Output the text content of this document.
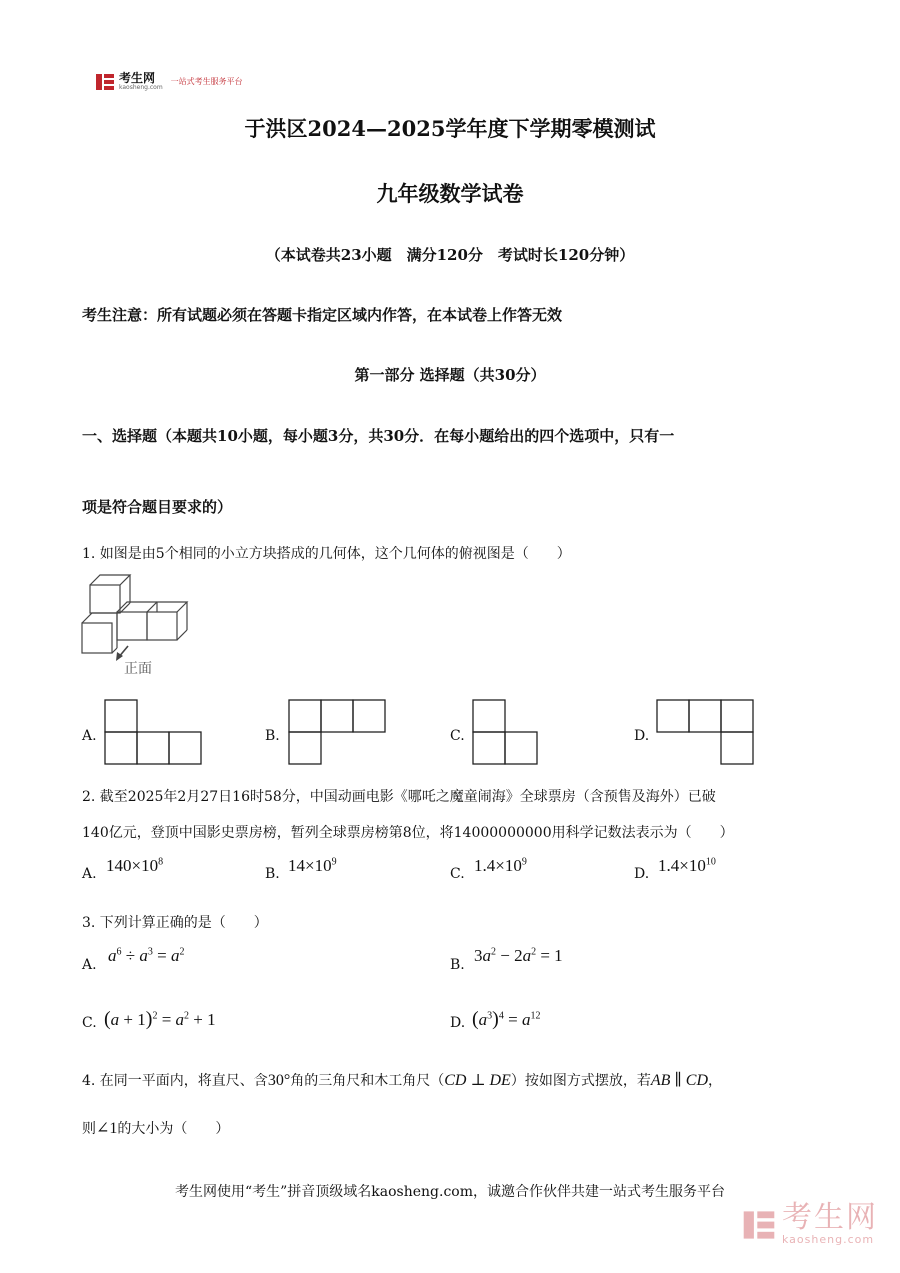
考生网
kaosheng.com
一站式考生服务平台
于洪区2024—2025学年度下学期零模测试
九年级数学试卷
（本试卷共23小题　满分120分　考试时长120分钟）
考生注意：所有试题必须在答题卡指定区域内作答，在本试卷上作答无效
第一部分 选择题（共30分）
一、选择题（本题共10小题，每小题3分，共30分．在每小题给出的四个选项中，只有一
项是符合题目要求的）
1. 如图是由5个相同的小立方块搭成的几何体，这个几何体的俯视图是（　　）
正面
A.	B.	C.	D.
2. 截至2025年2月27日16时58分，中国动画电影《哪吒之魔童闹海》全球票房（含预售及海外）已破
140亿元，登顶中国影史票房榜，暂列全球票房榜第8位，将14000000000用科学记数法表示为（　　）
A. $140\times 10^8$
B. $14\times 10^9$
C. $1.4\times 10^9$
D. $1.4\times 10^{10}$
3. 下列计算正确的是（　　）
A. $a^6 \div a^3 = a^2$
B. $3a^2 - 2a^2 = 1$
C. $(a + 1)^2 = a^2 + 1$	D. $(a^3)^4 = a^{12}$
4. 在同一平面内，将直尺、含30°角的三角尺和木工角尺（CD ⊥ DE）按如图方式摆放，若AB ∥ CD，
则∠1的大小为（　　）
考生网使用“考生”拼音顶级域名kaosheng.com，诚邀合作伙伴共建一站式考生服务平台
考生网
kaosheng.com
